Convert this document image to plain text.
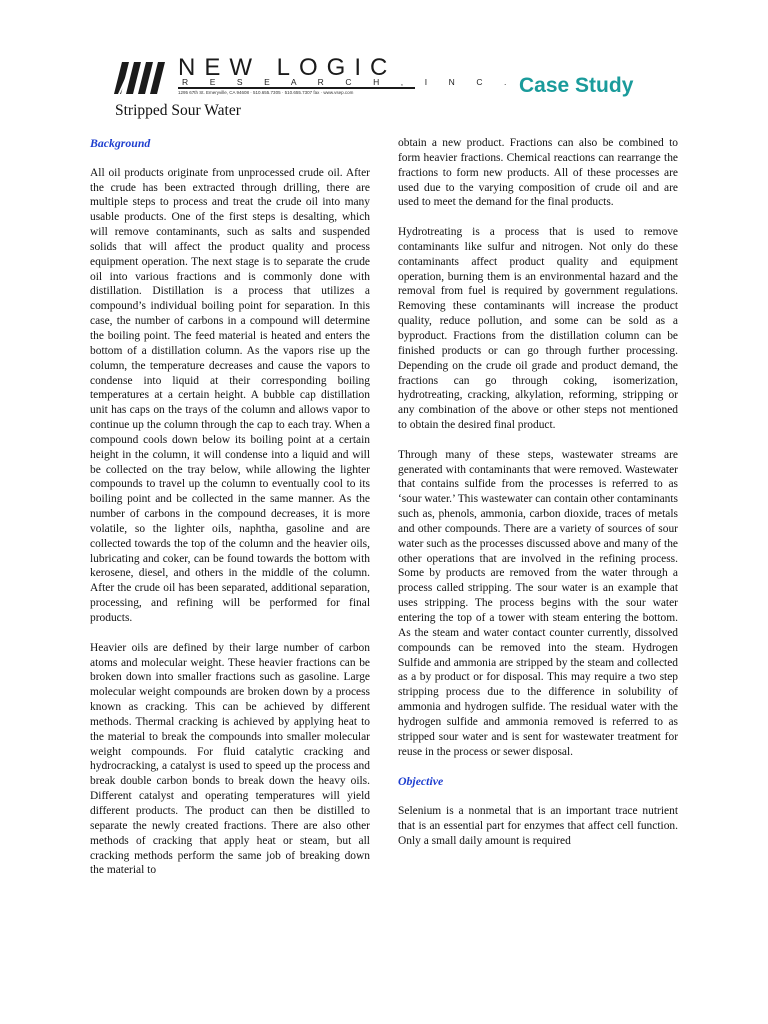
NEW LOGIC
R E S E A R C H , I N C .
1295 67th St. Emeryville, CA 94608 · 510.655.7305 · 510.655.7307 fax · www.vsep.com	Case Study
Stripped Sour Water
Background

All oil products originate from unprocessed crude oil. After the crude has been extracted through drilling, there are multiple steps to process and treat the crude oil into many usable products. One of the first steps is desalting, which will remove contaminants, such as salts and suspended solids that will affect the product quality and process equipment operation. The next stage is to separate the crude oil into various fractions and is commonly done with distillation. Distillation is a process that utilizes a compound’s individual boiling point for separation. In this case, the number of carbons in a compound will determine the boiling point. The feed material is heated and enters the bottom of a distillation column. As the vapors rise up the column, the temperature decreases and cause the vapors to condense into liquid at their corresponding boiling temperatures at a certain height. A bubble cap distillation unit has caps on the trays of the column and allows vapor to continue up the column through the cap to each tray. When a compound cools down below its boiling point at a certain height in the column, it will condense into a liquid and will be collected on the tray below, while allowing the lighter compounds to travel up the column to eventually cool to its boiling point and be collected in the same manner. As the number of carbons in the compound decreases, it is more volatile, so the lighter oils, naphtha, gasoline and are collected towards the top of the column and the heavier oils, lubricating and coker, can be found towards the bottom with kerosene, diesel, and others in the middle of the column. After the crude oil has been separated, additional separation, processing, and refining will be performed for final products.

Heavier oils are defined by their large number of carbon atoms and molecular weight. These heavier fractions can be broken down into smaller fractions such as gasoline. Large molecular weight compounds are broken down by a process known as cracking. This can be achieved by different methods. Thermal cracking is achieved by applying heat to the material to break the compounds into smaller molecular weight compounds. For fluid catalytic cracking and hydrocracking, a catalyst is used to speed up the process and break double carbon bonds to break down the heavy oils. Different catalyst and operating temperatures will yield different products. The product can then be distilled to separate the newly created fractions. There are also other methods of cracking that apply heat or steam, but all cracking methods perform the same job of breaking down the material to

obtain a new product. Fractions can also be combined to form heavier fractions. Chemical reactions can rearrange the fractions to form new products. All of these processes are used due to the varying composition of crude oil and are used to meet the demand for the final products.

Hydrotreating is a process that is used to remove contaminants like sulfur and nitrogen. Not only do these contaminants affect product quality and equipment operation, burning them is an environmental hazard and the removal from fuel is required by government regulations. Removing these contaminants will increase the product quality, reduce pollution, and some can be sold as a byproduct. Fractions from the distillation column can be finished products or can go through further processing. Depending on the crude oil grade and product demand, the fractions can go through coking, isomerization, hydrotreating, cracking, alkylation, reforming, stripping or any combination of the above or other steps not mentioned to obtain the desired final product.

Through many of these steps, wastewater streams are generated with contaminants that were removed. Wastewater that contains sulfide from the processes is referred to as ‘sour water.’ This wastewater can contain other contaminants such as, phenols, ammonia, carbon dioxide, traces of metals and other compounds. There are a variety of sources of sour water such as the processes discussed above and many of the other operations that are involved in the refining process. Some by products are removed from the water through a process called stripping. The sour water is an example that uses stripping. The process begins with the sour water entering the top of a tower with steam entering the bottom. As the steam and water contact counter currently, dissolved compounds can be removed into the steam. Hydrogen Sulfide and ammonia are stripped by the steam and collected as a by product or for disposal. This may require a two step stripping process due to the difference in solubility of ammonia and hydrogen sulfide. The residual water with the hydrogen sulfide and ammonia removed is referred to as stripped sour water and is sent for wastewater treatment for reuse in the process or sewer disposal.

Objective

Selenium is a nonmetal that is an important trace nutrient that is an essential part for enzymes that affect cell function. Only a small daily amount is required
